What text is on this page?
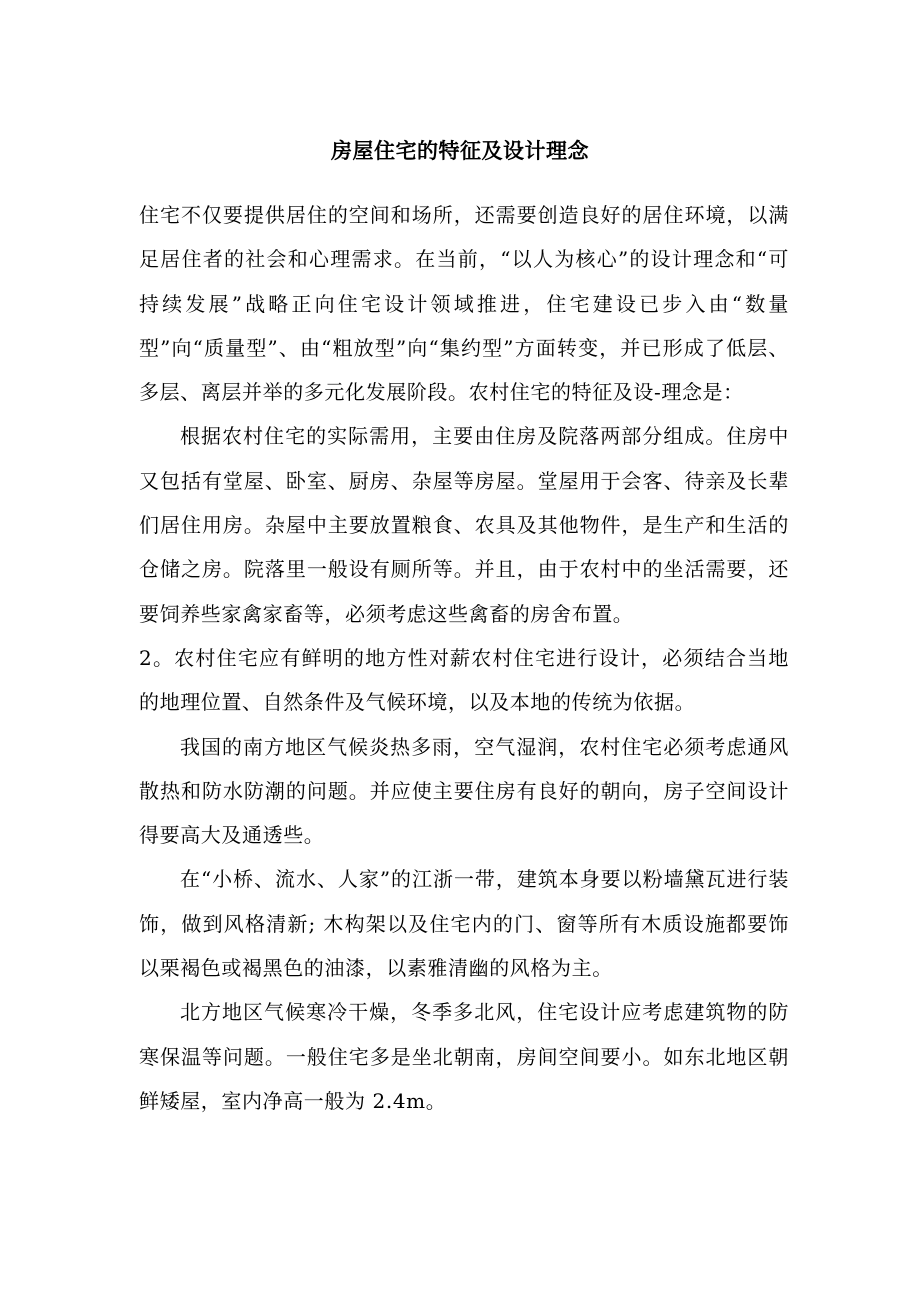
房屋住宅的特征及设计理念

住宅不仅要提供居住的空间和场所，还需要创造良好的居住环境，以满足居住者的社会和心理需求。在当前，“以人为核心”的设计理念和“可持续发展”战略正向住宅设计领域推进，住宅建设已步入由“数量型”向“质量型”、由“粗放型”向“集约型”方面转变，并已形成了低层、多层、离层并举的多元化发展阶段。农村住宅的特征及设-理念是：

根据农村住宅的实际需用，主要由住房及院落两部分组成。住房中又包括有堂屋、卧室、厨房、杂屋等房屋。堂屋用于会客、待亲及长辈们居住用房。杂屋中主要放置粮食、农具及其他物件，是生产和生活的仓储之房。院落里一般设有厕所等。并且，由于农村中的坐活需要，还要饲养些家禽家畜等，必须考虑这些禽畜的房舍布置。

2。农村住宅应有鲜明的地方性对薪农村住宅进行设计，必须结合当地的地理位置、自然条件及气候环境，以及本地的传统为依据。

我国的南方地区气候炎热多雨，空气湿润，农村住宅必须考虑通风散热和防水防潮的问题。并应使主要住房有良好的朝向，房子空间设计得要高大及通透些。

在“小桥、流水、人家”的江浙一带，建筑本身要以粉墙黛瓦进行装饰，做到风格清新; 木构架以及住宅内的门、窗等所有木质设施都要饰以栗褐色或褐黑色的油漆，以素雅清幽的风格为主。

北方地区气候寒冷干燥，冬季多北风，住宅设计应考虑建筑物的防寒保温等问题。一般住宅多是坐北朝南，房间空间要小。如东北地区朝鲜矮屋，室内净高一般为 2.4m。
